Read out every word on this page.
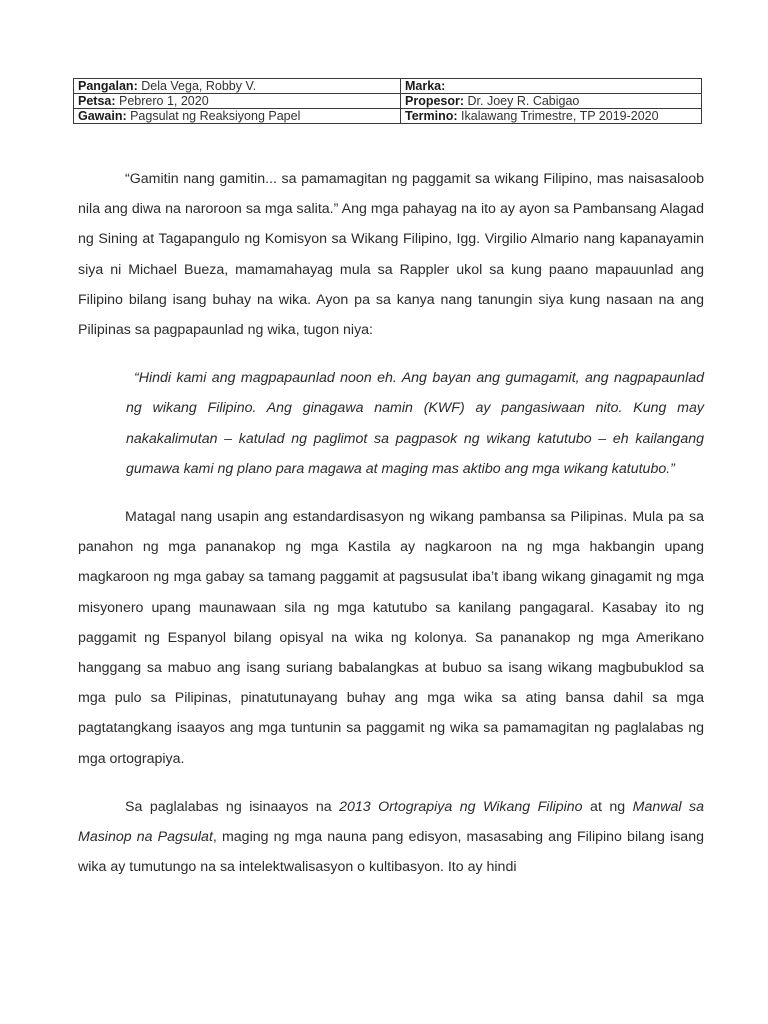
Pangalan: Dela Vega, Robby V.	Marka:
Petsa: Pebrero 1, 2020	Propesor: Dr. Joey R. Cabigao
Gawain: Pagsulat ng Reaksiyong Papel	Termino: Ikalawang Trimestre, TP 2019-2020

“Gamitin nang gamitin... sa pamamagitan ng paggamit sa wikang Filipino, mas naisasaloob nila ang diwa na naroroon sa mga salita.” Ang mga pahayag na ito ay ayon sa Pambansang Alagad ng Sining at Tagapangulo ng Komisyon sa Wikang Filipino, Igg. Virgilio Almario nang kapanayamin siya ni Michael Bueza, mamamahayag mula sa Rappler ukol sa kung paano mapauunlad ang Filipino bilang isang buhay na wika. Ayon pa sa kanya nang tanungin siya kung nasaan na ang Pilipinas sa pagpapaunlad ng wika, tugon niya:

“Hindi kami ang magpapaunlad noon eh. Ang bayan ang gumagamit, ang nagpapaunlad ng wikang Filipino. Ang ginagawa namin (KWF) ay pangasiwaan nito. Kung may nakakalimutan – katulad ng paglimot sa pagpasok ng wikang katutubo – eh kailangang gumawa kami ng plano para magawa at maging mas aktibo ang mga wikang katutubo.”

Matagal nang usapin ang estandardisasyon ng wikang pambansa sa Pilipinas. Mula pa sa panahon ng mga pananakop ng mga Kastila ay nagkaroon na ng mga hakbangin upang magkaroon ng mga gabay sa tamang paggamit at pagsusulat iba’t ibang wikang ginagamit ng mga misyonero upang maunawaan sila ng mga katutubo sa kanilang pangagaral. Kasabay ito ng paggamit ng Espanyol bilang opisyal na wika ng kolonya. Sa pananakop ng mga Amerikano hanggang sa mabuo ang isang suriang babalangkas at bubuo sa isang wikang magbubuklod sa mga pulo sa Pilipinas, pinatutunayang buhay ang mga wika sa ating bansa dahil sa mga pagtatangkang isaayos ang mga tuntunin sa paggamit ng wika sa pamamagitan ng paglalabas ng mga ortograpiya.

Sa paglalabas ng isinaayos na 2013 Ortograpiya ng Wikang Filipino at ng Manwal sa Masinop na Pagsulat, maging ng mga nauna pang edisyon, masasabing ang Filipino bilang isang wika ay tumutungo na sa intelektwalisasyon o kultibasyon. Ito ay hindi
